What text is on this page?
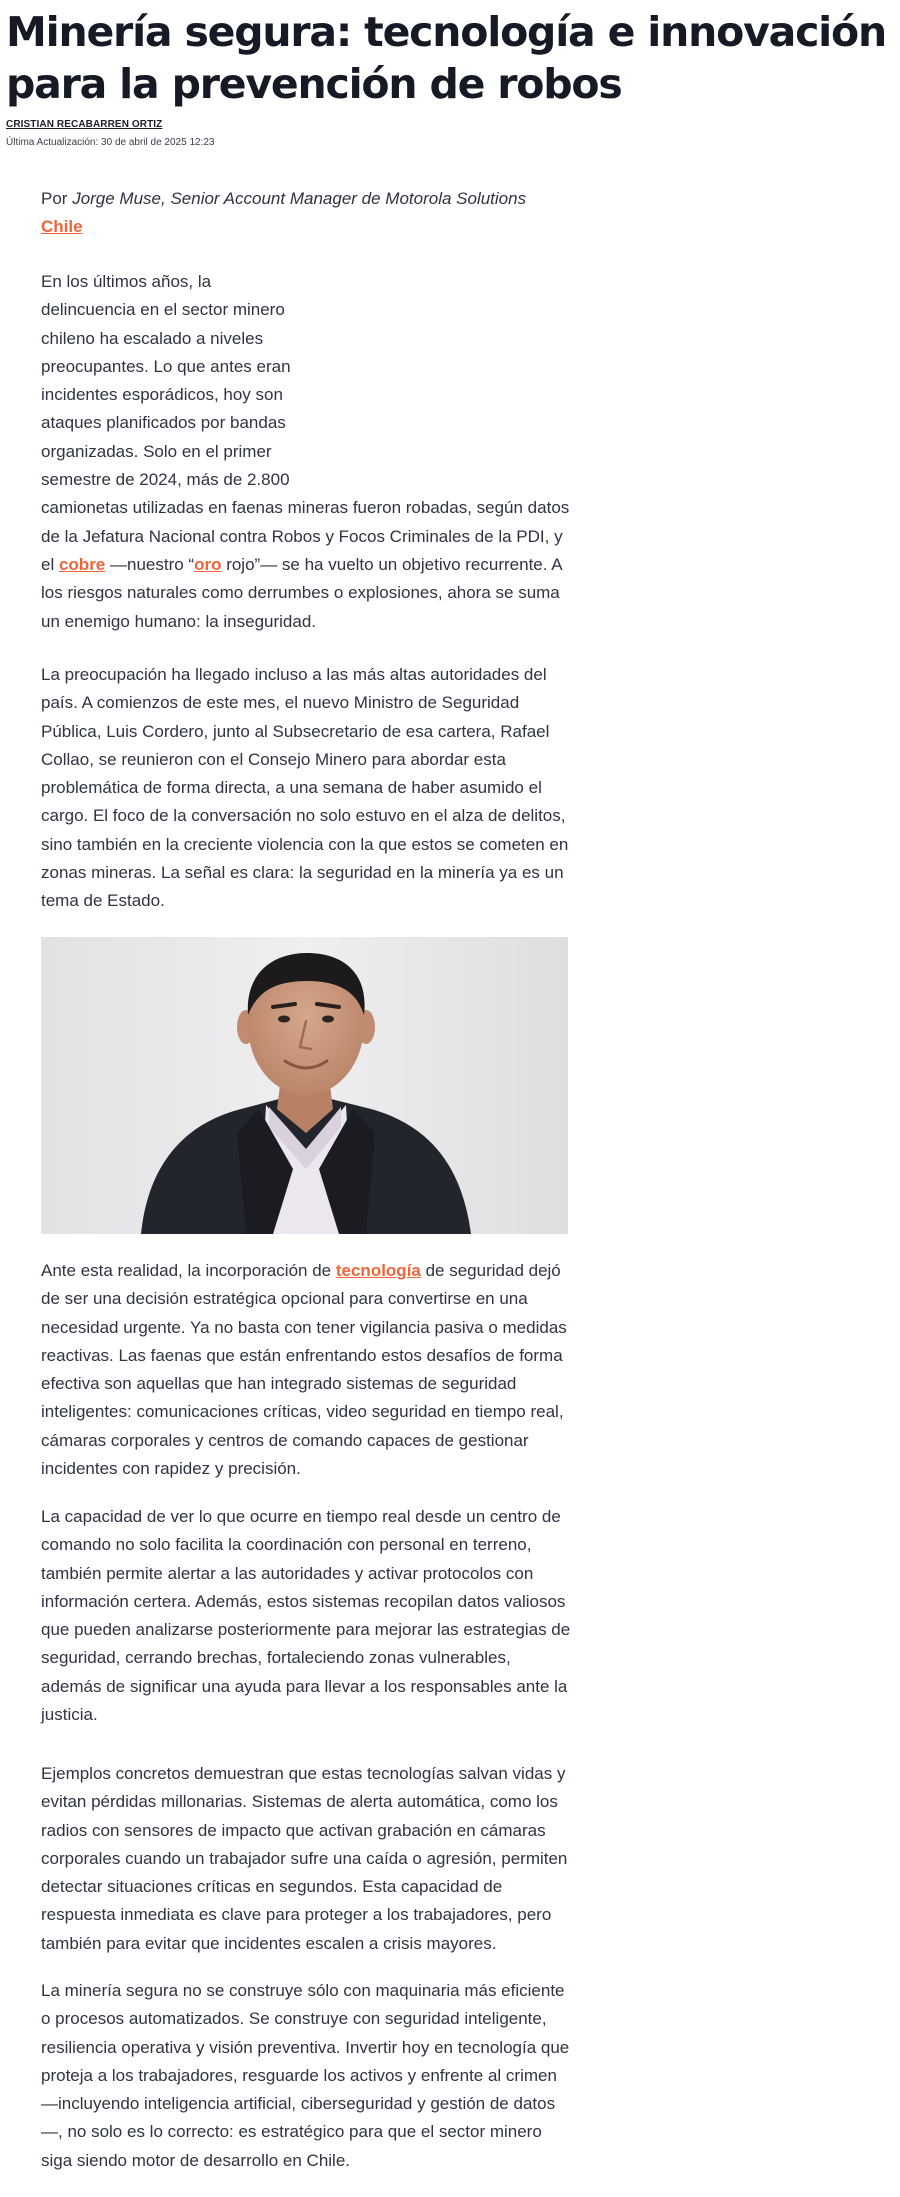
Minería segura: tecnología e innovación para la prevención de robos
CRISTIAN RECABARREN ORTIZ
Última Actualización: 30 de abril de 2025 12:23

Por Jorge Muse, Senior Account Manager de Motorola Solutions Chile

En los últimos años, la delincuencia en el sector minero chileno ha escalado a niveles preocupantes. Lo que antes eran incidentes esporádicos, hoy son ataques planificados por bandas organizadas. Solo en el primer semestre de 2024, más de 2.800
camionetas utilizadas en faenas mineras fueron robadas, según datos de la Jefatura Nacional contra Robos y Focos Criminales de la PDI, y el cobre —nuestro “oro rojo”— se ha vuelto un objetivo recurrente. A los riesgos naturales como derrumbes o explosiones, ahora se suma un enemigo humano: la inseguridad.

La preocupación ha llegado incluso a las más altas autoridades del país. A comienzos de este mes, el nuevo Ministro de Seguridad Pública, Luis Cordero, junto al Subsecretario de esa cartera, Rafael Collao, se reunieron con el Consejo Minero para abordar esta problemática de forma directa, a una semana de haber asumido el cargo. El foco de la conversación no solo estuvo en el alza de delitos, sino también en la creciente violencia con la que estos se cometen en zonas mineras. La señal es clara: la seguridad en la minería ya es un tema de Estado.

Ante esta realidad, la incorporación de tecnología de seguridad dejó de ser una decisión estratégica opcional para convertirse en una necesidad urgente. Ya no basta con tener vigilancia pasiva o medidas reactivas. Las faenas que están enfrentando estos desafíos de forma efectiva son aquellas que han integrado sistemas de seguridad inteligentes: comunicaciones críticas, video seguridad en tiempo real, cámaras corporales y centros de comando capaces de gestionar incidentes con rapidez y precisión.

La capacidad de ver lo que ocurre en tiempo real desde un centro de comando no solo facilita la coordinación con personal en terreno, también permite alertar a las autoridades y activar protocolos con información certera. Además, estos sistemas recopilan datos valiosos que pueden analizarse posteriormente para mejorar las estrategias de seguridad, cerrando brechas, fortaleciendo zonas vulnerables, además de significar una ayuda para llevar a los responsables ante la justicia.

Ejemplos concretos demuestran que estas tecnologías salvan vidas y evitan pérdidas millonarias. Sistemas de alerta automática, como los radios con sensores de impacto que activan grabación en cámaras corporales cuando un trabajador sufre una caída o agresión, permiten detectar situaciones críticas en segundos. Esta capacidad de respuesta inmediata es clave para proteger a los trabajadores, pero también para evitar que incidentes escalen a crisis mayores.

La minería segura no se construye sólo con maquinaria más eficiente o procesos automatizados. Se construye con seguridad inteligente, resiliencia operativa y visión preventiva. Invertir hoy en tecnología que proteja a los trabajadores, resguarde los activos y enfrente al crimen —incluyendo inteligencia artificial, ciberseguridad y gestión de datos—, no solo es lo correcto: es estratégico para que el sector minero siga siendo motor de desarrollo en Chile.
